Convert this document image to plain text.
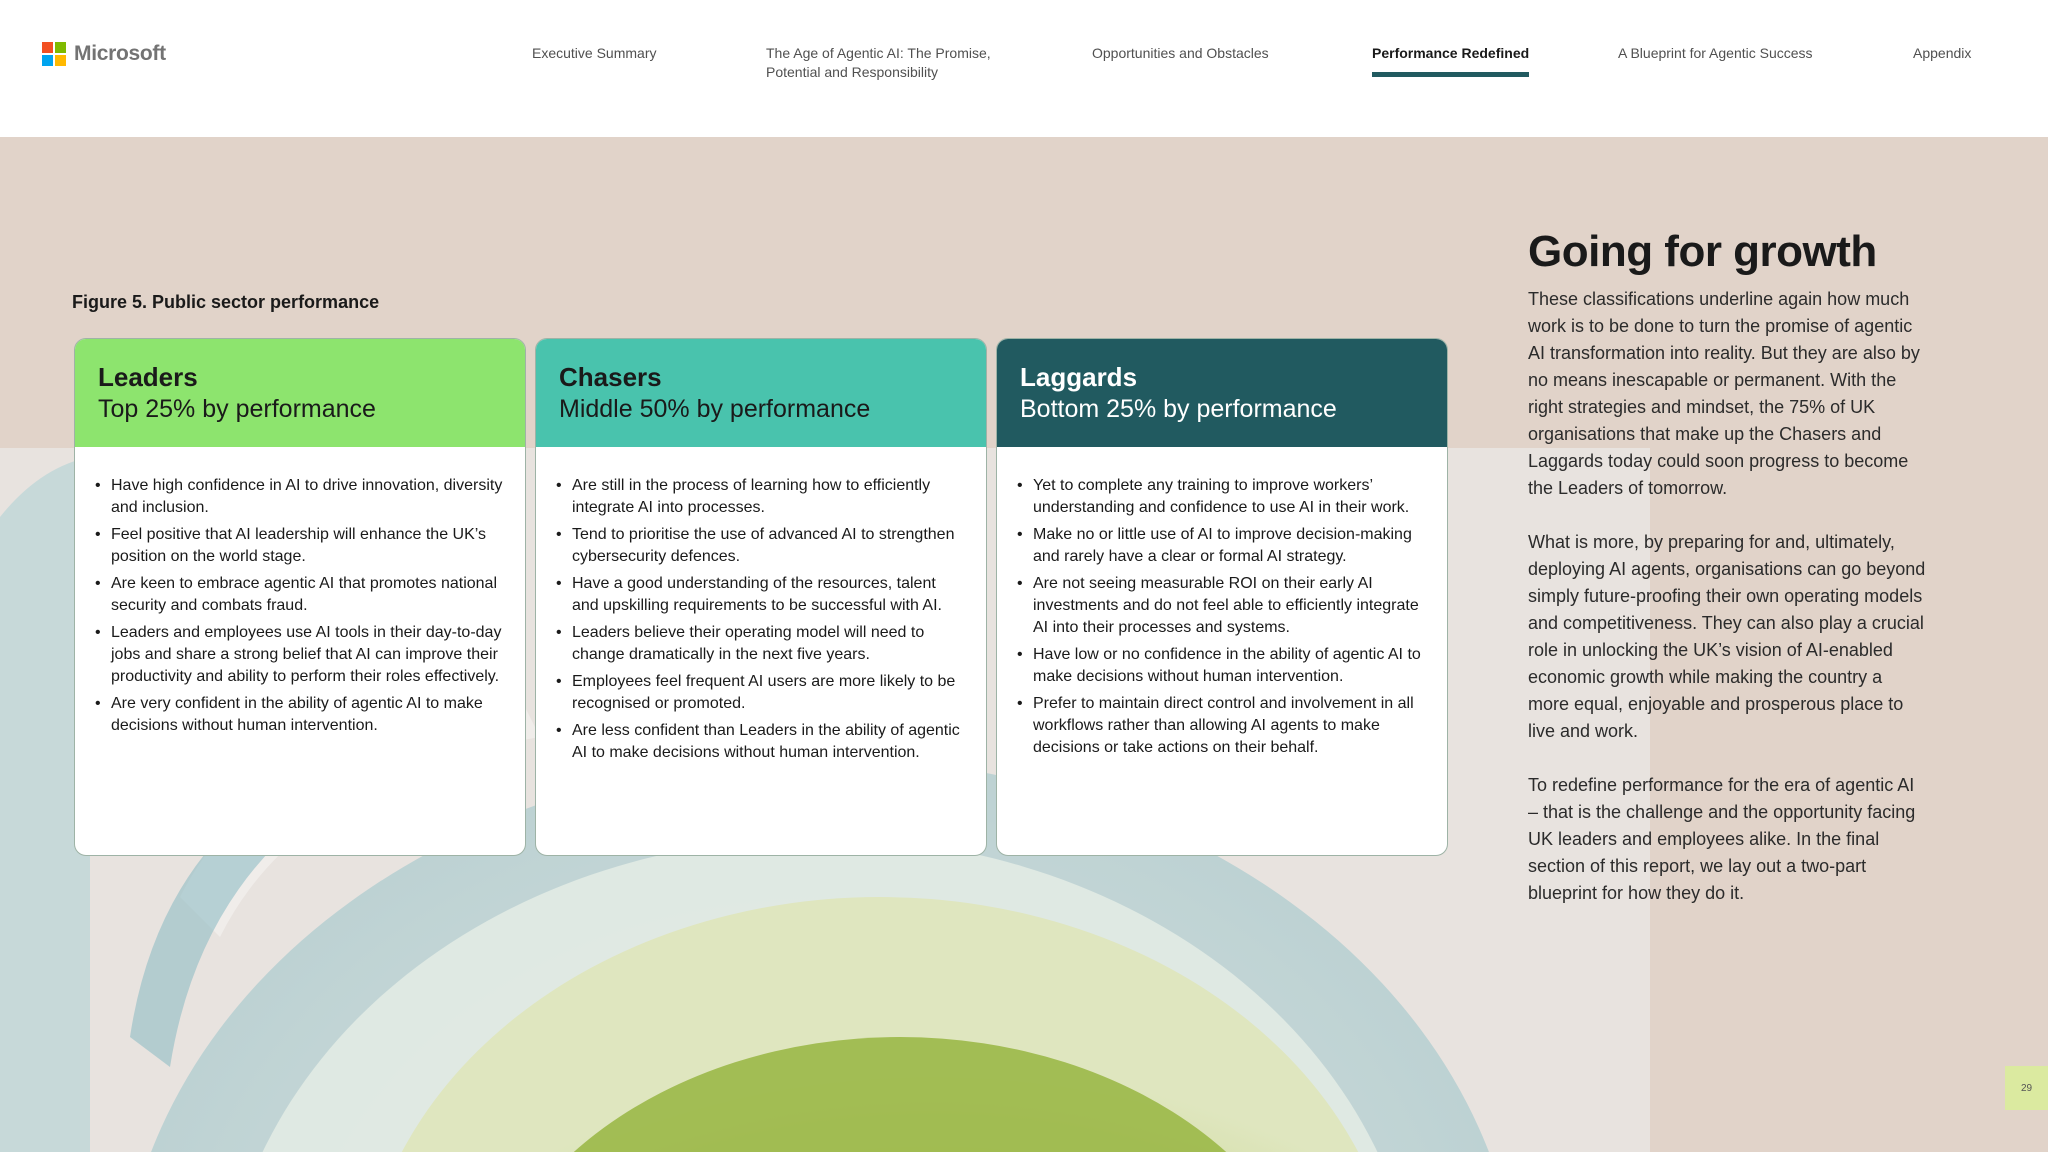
Microsoft	Executive Summary	The Age of Agentic AI: The Promise, Potential and Responsibility
Opportunities and Obstacles	Performance Redefined	A Blueprint for Agentic Success	Appendix
Figure 5. Public sector performance
Leaders
Top 25% by performance
• Have high confidence in AI to drive innovation, diversity and inclusion.
• Feel positive that AI leadership will enhance the UK’s position on the world stage.
• Are keen to embrace agentic AI that promotes national security and combats fraud.
• Leaders and employees use AI tools in their day-to-day jobs and share a strong belief that AI can improve their productivity and ability to perform their roles effectively.
• Are very confident in the ability of agentic AI to make decisions without human intervention.
Chasers
Middle 50% by performance
• Are still in the process of learning how to efficiently integrate AI into processes.
• Tend to prioritise the use of advanced AI to strengthen cybersecurity defences.
• Have a good understanding of the resources, talent and upskilling requirements to be successful with AI.
• Leaders believe their operating model will need to change dramatically in the next five years.
• Employees feel frequent AI users are more likely to be recognised or promoted.
• Are less confident than Leaders in the ability of agentic AI to make decisions without human intervention.
Laggards
Bottom 25% by performance
• Yet to complete any training to improve workers’ understanding and confidence to use AI in their work.
• Make no or little use of AI to improve decision-making and rarely have a clear or formal AI strategy.
• Are not seeing measurable ROI on their early AI investments and do not feel able to efficiently integrate AI into their processes and systems.
• Have low or no confidence in the ability of agentic AI to make decisions without human intervention.
• Prefer to maintain direct control and involvement in all workflows rather than allowing AI agents to make decisions or take actions on their behalf.
Going for growth

These classifications underline again how much work is to be done to turn the promise of agentic AI transformation into reality. But they are also by no means inescapable or permanent. With the right strategies and mindset, the 75% of UK organisations that make up the Chasers and Laggards today could soon progress to become the Leaders of tomorrow.

What is more, by preparing for and, ultimately, deploying AI agents, organisations can go beyond simply future-proofing their own operating models and competitiveness. They can also play a crucial role in unlocking the UK’s vision of AI-enabled economic growth while making the country a more equal, enjoyable and prosperous place to live and work.

To redefine performance for the era of agentic AI – that is the challenge and the opportunity facing UK leaders and employees alike. In the final section of this report, we lay out a two-part blueprint for how they do it.

29
